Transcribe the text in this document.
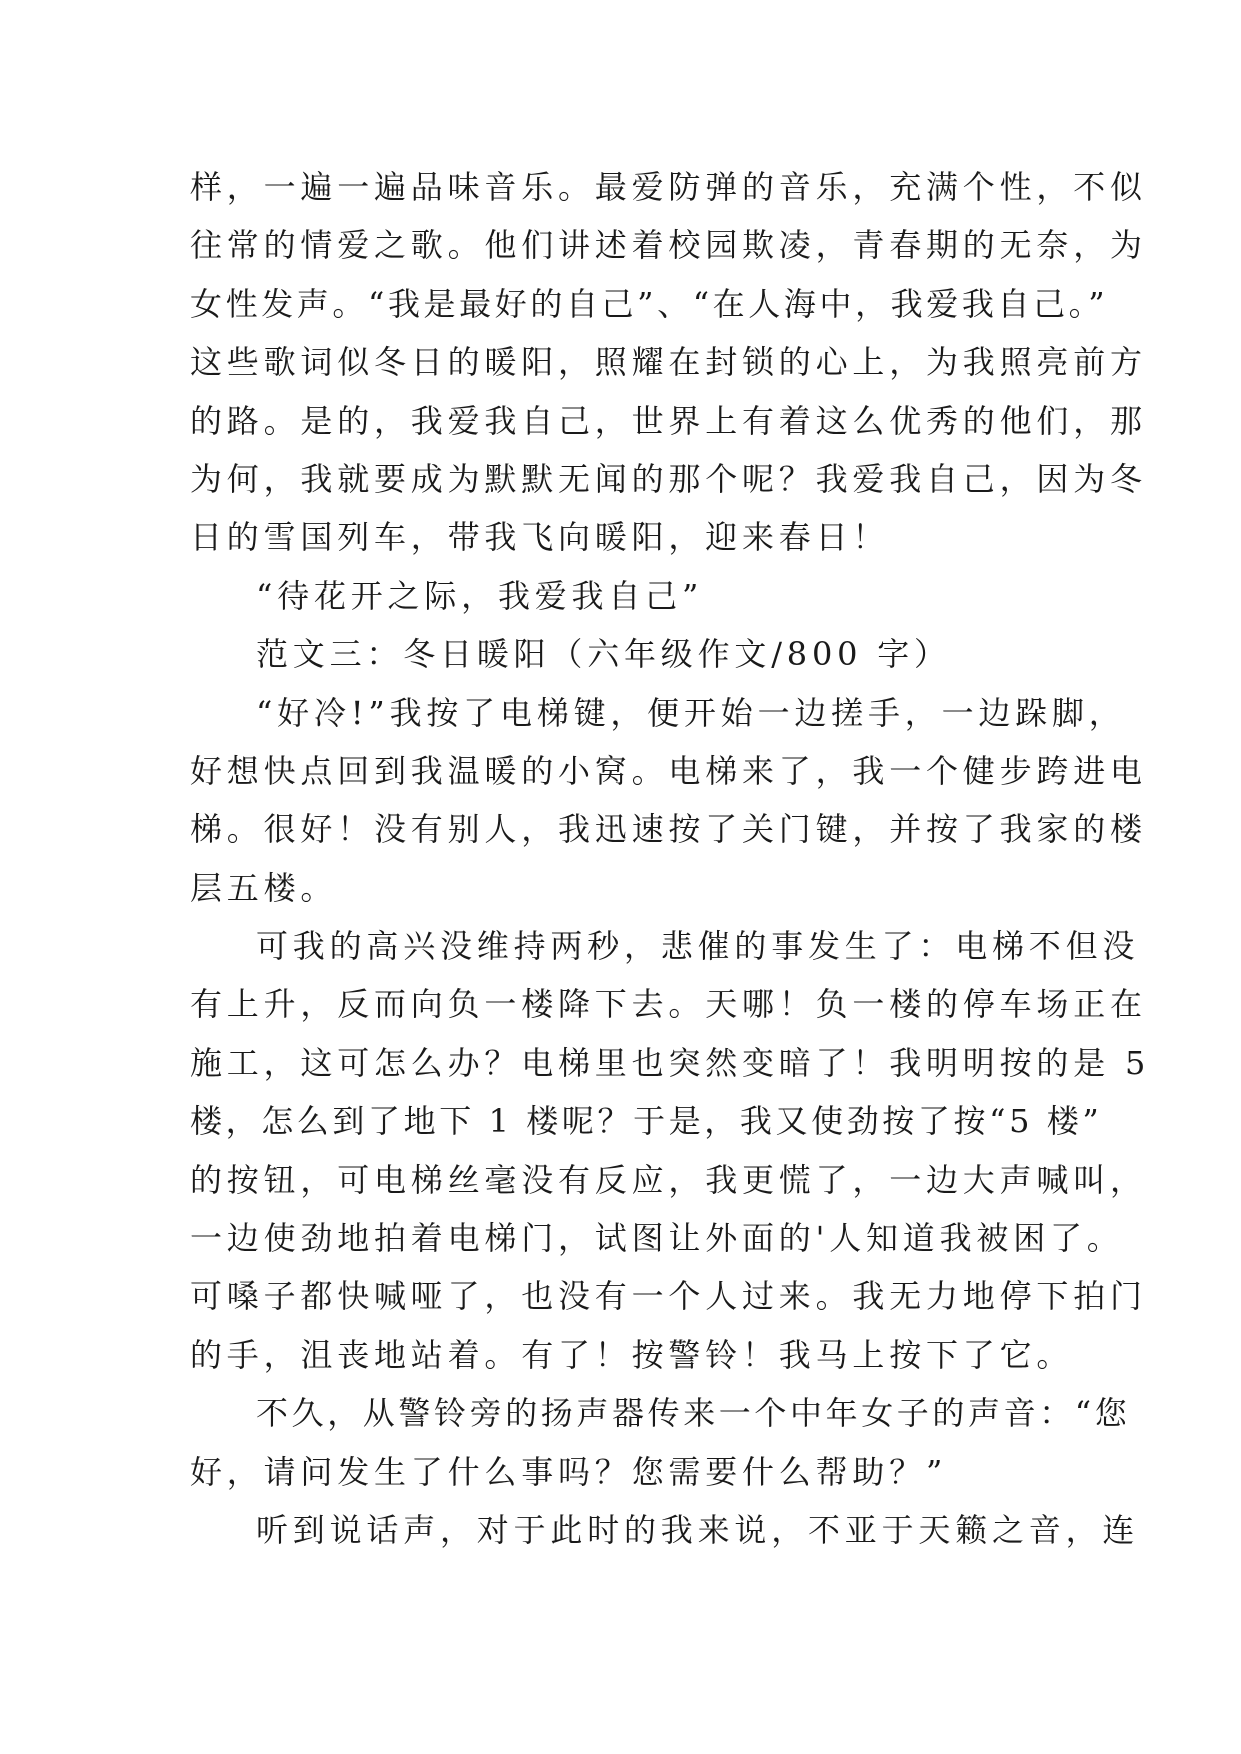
样，一遍一遍品味音乐。最爱防弹的音乐，充满个性，不似
往常的情爱之歌。他们讲述着校园欺凌，青春期的无奈，为
女性发声。“我是最好的自己”、“在人海中，我爱我自己。”
这些歌词似冬日的暖阳，照耀在封锁的心上，为我照亮前方
的路。是的，我爱我自己，世界上有着这么优秀的他们，那
为何，我就要成为默默无闻的那个呢？我爱我自己，因为冬
日的雪国列车，带我飞向暖阳，迎来春日！
“待花开之际，我爱我自己”
范文三：冬日暖阳（六年级作文/800 字）
“好冷!”我按了电梯键，便开始一边搓手，一边跺脚，
好想快点回到我温暖的小窝。电梯来了，我一个健步跨进电
梯。很好！没有别人，我迅速按了关门键，并按了我家的楼
层五楼。
可我的高兴没维持两秒，悲催的事发生了：电梯不但没
有上升，反而向负一楼降下去。天哪！负一楼的停车场正在
施工，这可怎么办？电梯里也突然变暗了！我明明按的是 5
楼，怎么到了地下 1 楼呢？于是，我又使劲按了按“5 楼”
的按钮，可电梯丝毫没有反应，我更慌了，一边大声喊叫，
一边使劲地拍着电梯门，试图让外面的'人知道我被困了。
可嗓子都快喊哑了，也没有一个人过来。我无力地停下拍门
的手，沮丧地站着。有了！按警铃！我马上按下了它。
不久，从警铃旁的扬声器传来一个中年女子的声音：“您
好，请问发生了什么事吗？您需要什么帮助？”
听到说话声，对于此时的我来说，不亚于天籁之音，连
